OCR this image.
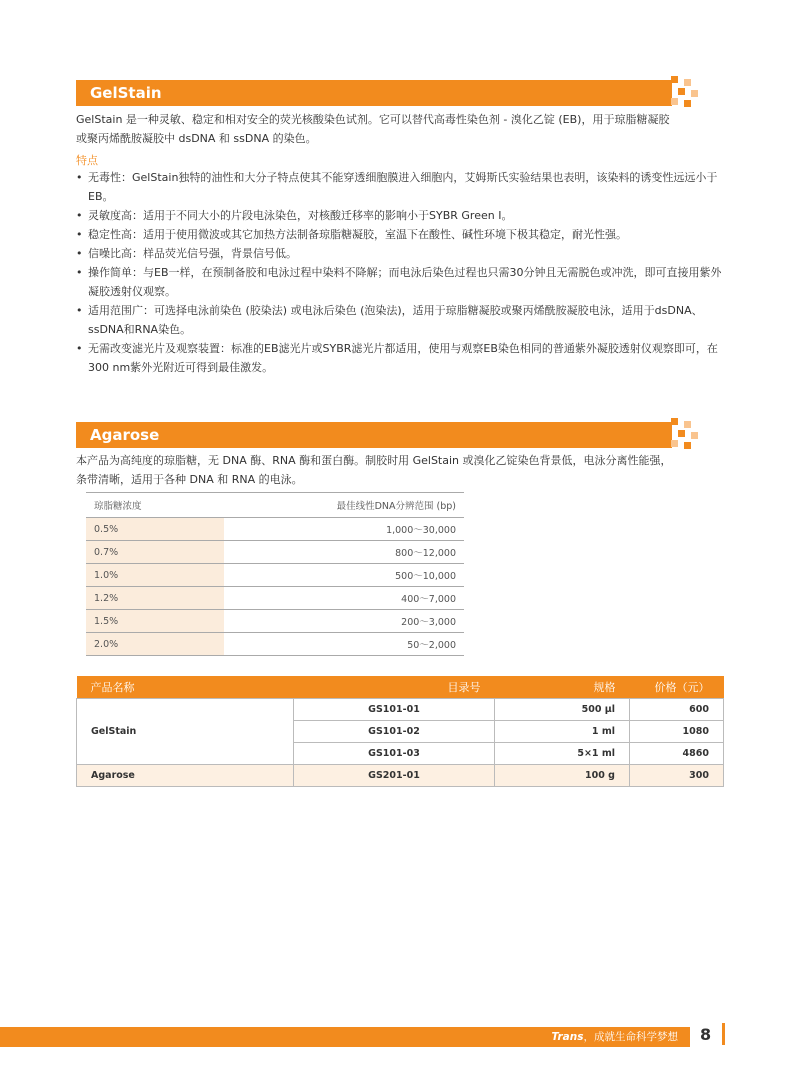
GelStain
GelStain 是一种灵敏、稳定和相对安全的荧光核酸染色试剂。它可以替代高毒性染色剂 - 溴化乙锭 (EB)，用于琼脂糖凝胶
或聚丙烯酰胺凝胶中 dsDNA 和 ssDNA 的染色。
特点
• 无毒性：GelStain独特的油性和大分子特点使其不能穿透细胞膜进入细胞内，艾姆斯氏实验结果也表明，该染料的诱变性远远小于EB。
• 灵敏度高：适用于不同大小的片段电泳染色，对核酸迁移率的影响小于SYBR Green I。
• 稳定性高：适用于使用微波或其它加热方法制备琼脂糖凝胶，室温下在酸性、碱性环境下极其稳定，耐光性强。
• 信噪比高：样品荧光信号强，背景信号低。
• 操作简单：与EB一样，在预制备胶和电泳过程中染料不降解；而电泳后染色过程也只需30分钟且无需脱色或冲洗，即可直接用紫外凝胶透射仪观察。
• 适用范围广：可选择电泳前染色 (胶染法) 或电泳后染色 (泡染法)，适用于琼脂糖凝胶或聚丙烯酰胺凝胶电泳，适用于dsDNA、ssDNA和RNA染色。
• 无需改变滤光片及观察装置：标准的EB滤光片或SYBR滤光片都适用，使用与观察EB染色相同的普通紫外凝胶透射仪观察即可，在　300 nm紫外光附近可得到最佳激发。
Agarose
本产品为高纯度的琼脂糖，无 DNA 酶、RNA 酶和蛋白酶。制胶时用 GelStain 或溴化乙锭染色背景低，电泳分离性能强，
条带清晰，适用于各种 DNA 和 RNA 的电泳。
琼脂糖浓度	最佳线性DNA分辨范围 (bp)
0.5%	1,000～30,000
0.7%	800～12,000
1.0%	500～10,000
1.2%	400～7,000
1.5%	200～3,000
2.0%	50～2,000
产品名称	目录号	规格	价格（元）
GelStain	GS101-01	500 µl	600
	GS101-02	1 ml	1080
	GS101-03	5×1 ml	4860
Agarose	GS201-01	100 g	300
Trans，成就生命科学梦想	8
